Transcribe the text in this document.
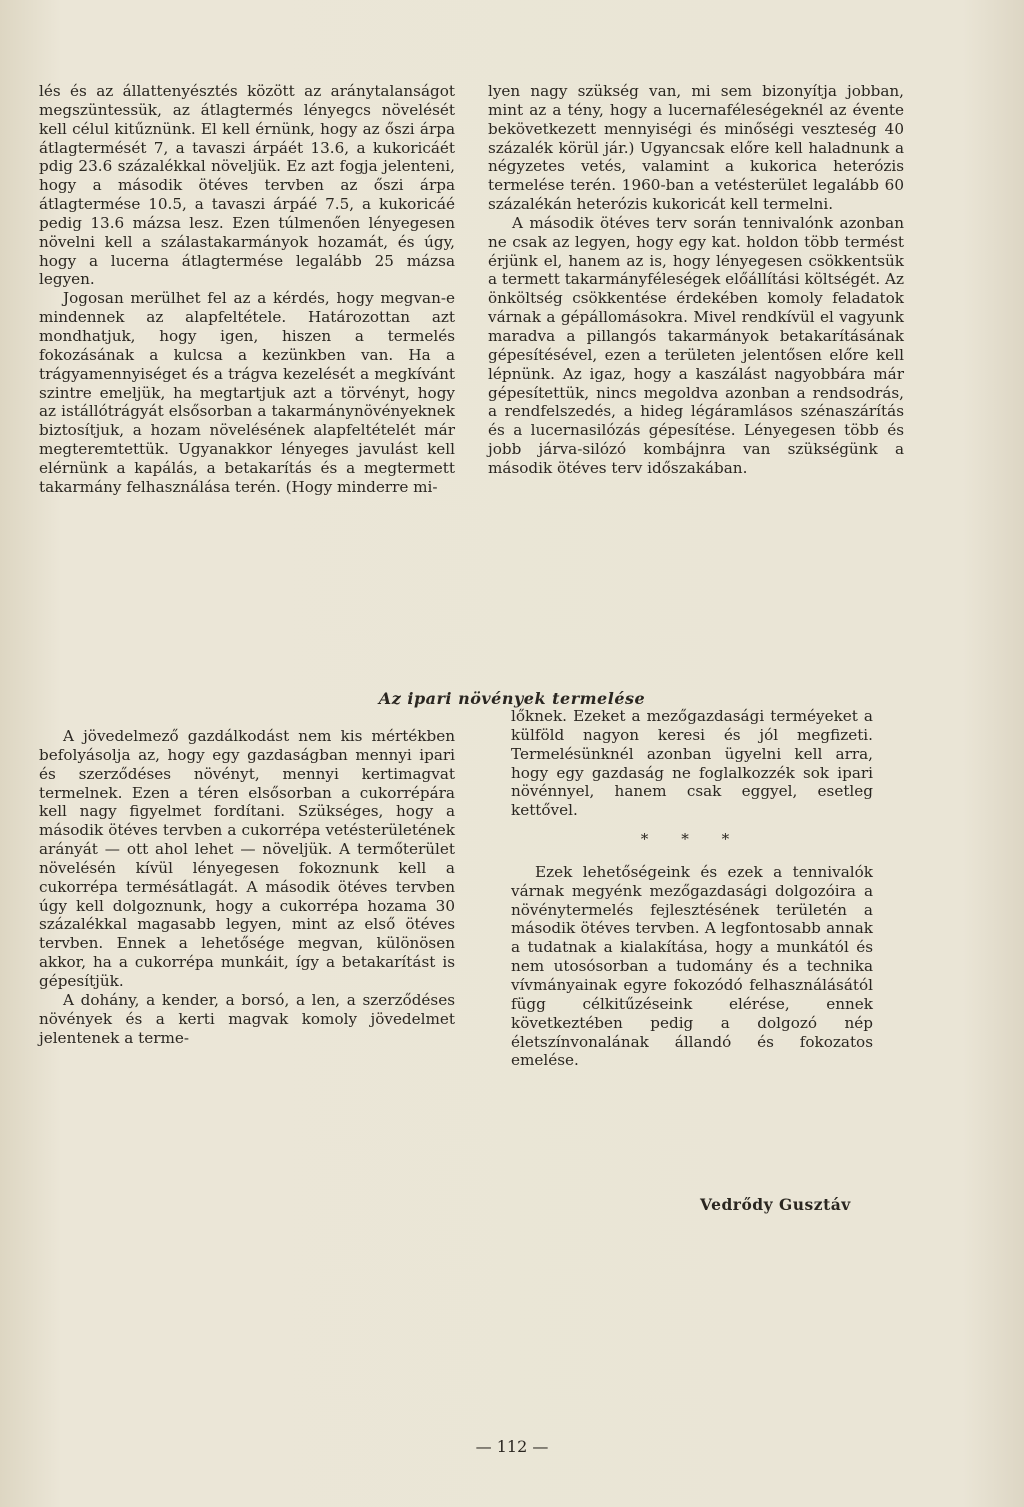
lés és az állattenyésztés között az aránytalanságot megszüntessük, az átlagtermés lényegcs növelését kell célul kitűznünk. El kell érnünk, hogy az őszi árpa átlagtermését 7, a tavaszi árpáét 13.6, a kukoricáét pdig 23.6 százalékkal növeljük. Ez azt fogja jelenteni, hogy a második ötéves tervben az őszi árpa átlagtermése 10.5, a tavaszi árpáé 7.5, a kukoricáé pedig 13.6 mázsa lesz. Ezen túlmenően lényegesen növelni kell a szálastakarmányok hozamát, és úgy, hogy a lucerna átlagtermése legalább 25 mázsa legyen.

Jogosan merülhet fel az a kérdés, hogy megvan-e mindennek az alapfeltétele. Határozottan azt mondhatjuk, hogy igen, hiszen a termelés fokozásának a kulcsa a kezünkben van. Ha a trágyamennyiséget és a trágva kezelését a megkívánt szintre emeljük, ha megtartjuk azt a törvényt, hogy az istállótrágyát elsősorban a takarmánynövényeknek biztosítjuk, a hozam növelésének alapfeltételét már megteremtettük. Ugyanakkor lényeges javulást kell elérnünk a kapálás, a betakarítás és a megtermett takarmány felhasználása terén. (Hogy minderre mi-

lyen nagy szükség van, mi sem bizonyítja jobban, mint az a tény, hogy a lucernaféleségeknél az évente bekövetkezett mennyiségi és minőségi veszteség 40 százalék körül jár.) Ugyancsak előre kell haladnunk a négyzetes vetés, valamint a kukorica heterózis termelése terén. 1960-ban a vetésterület legalább 60 százalékán heterózis kukoricát kell termelni.

A második ötéves terv során tennivalónk azonban ne csak az legyen, hogy egy kat. holdon több termést érjünk el, hanem az is, hogy lényegesen csökkentsük a termett takarmányféleségek előállítási költségét. Az önköltség csökkentése érdekében komoly feladatok várnak a gépállomásokra. Mivel rendkívül el vagyunk maradva a pillangós takarmányok betakarításának gépesítésével, ezen a területen jelentősen előre kell lépnünk. Az igaz, hogy a kaszálást nagyobbára már gépesítettük, nincs megoldva azonban a rendsodrás, a rendfelszedés, a hideg légáramlásos szénaszárítás és a lucernasilózás gépesítése. Lényegesen több és jobb járva-silózó kombájnra van szükségünk a második ötéves terv időszakában.

Az ipari növények termelése

A jövedelmező gazdálkodást nem kis mértékben befolyásolja az, hogy egy gazdaságban mennyi ipari és szerződéses növényt, mennyi kertimagvat termelnek. Ezen a téren elsősorban a cukorrépára kell nagy figyelmet fordítani. Szükséges, hogy a második ötéves tervben a cukorrépa vetésterületének arányát — ott ahol lehet — növeljük. A termőterület növelésén kívül lényegesen fokoznunk kell a cukorrépa termésátlagát. A második ötéves tervben úgy kell dolgoznunk, hogy a cukorrépa hozama 30 százalékkal magasabb legyen, mint az első ötéves tervben. Ennek a lehetősége megvan, különösen akkor, ha a cukorrépa munkáit, így a betakarítást is gépesítjük.

A dohány, a kender, a borsó, a len, a szerződéses növények és a kerti magvak komoly jövedelmet jelentenek a terme-

lőknek. Ezeket a mezőgazdasági terméyeket a külföld nagyon keresi és jól megfizeti. Termelésünknél azonban ügyelni kell arra, hogy egy gazdaság ne foglalkozzék sok ipari növénnyel, hanem csak eggyel, esetleg kettővel.

* * *

Ezek lehetőségeink és ezek a tennivalók várnak megyénk mezőgazdasági dolgozóira a növénytermelés fejlesztésének területén a második ötéves tervben. A legfontosabb annak a tudatnak a kialakítása, hogy a munkától és nem utosósorban a tudomány és a technika vívmányainak egyre fokozódó felhasználásától függ célkitűzéseink elérése, ennek következtében pedig a dolgozó nép életszínvonalának állandó és fokozatos emelése.

Vedrődy Gusztáv
— 112 —
